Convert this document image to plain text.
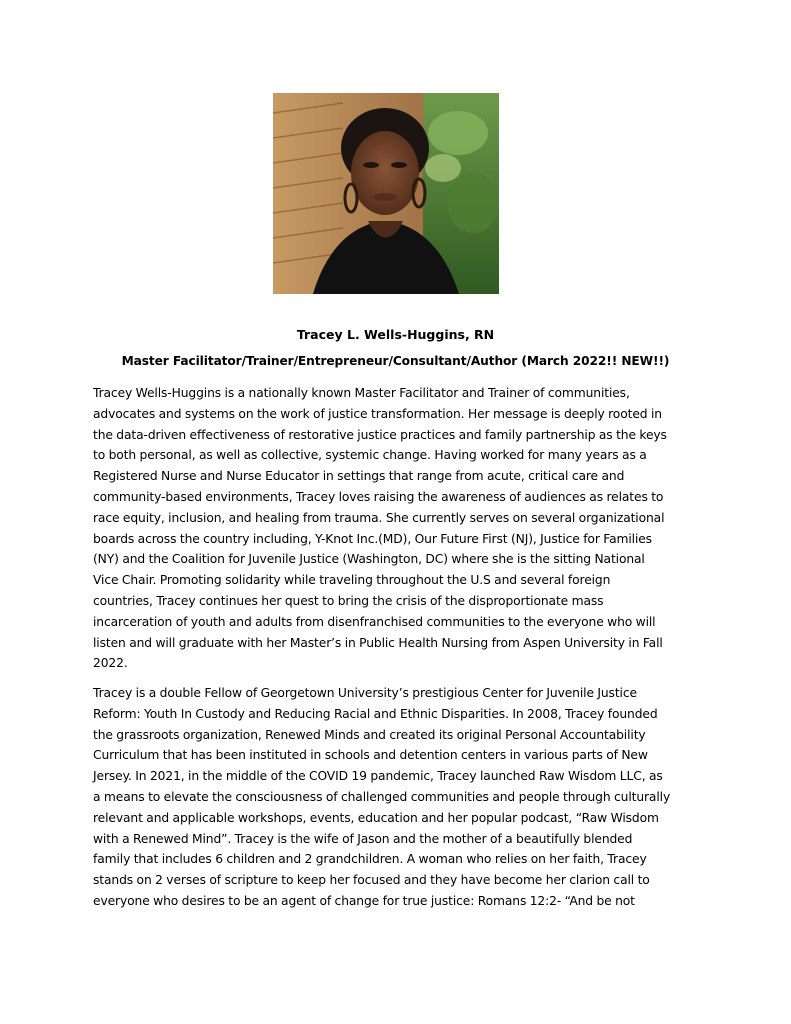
Tracey L. Wells-Huggins, RN
Master Facilitator/Trainer/Entrepreneur/Consultant/Author (March 2022!! NEW!!)
Tracey Wells-Huggins is a nationally known Master Facilitator and Trainer of communities,
advocates and systems on the work of justice transformation. Her message is deeply rooted in
the data-driven effectiveness of restorative justice practices and family partnership as the keys
to both personal, as well as collective, systemic change. Having worked for many years as a
Registered Nurse and Nurse Educator in settings that range from acute, critical care and
community-based environments, Tracey loves raising the awareness of audiences as relates to
race equity, inclusion, and healing from trauma. She currently serves on several organizational
boards across the country including, Y-Knot Inc.(MD), Our Future First (NJ), Justice for Families
(NY) and the Coalition for Juvenile Justice (Washington, DC) where she is the sitting National
Vice Chair. Promoting solidarity while traveling throughout the U.S and several foreign
countries, Tracey continues her quest to bring the crisis of the disproportionate mass
incarceration of youth and adults from disenfranchised communities to the everyone who will
listen and will graduate with her Master’s in Public Health Nursing from Aspen University in Fall
2022.
Tracey is a double Fellow of Georgetown University’s prestigious Center for Juvenile Justice
Reform: Youth In Custody and Reducing Racial and Ethnic Disparities. In 2008, Tracey founded
the grassroots organization, Renewed Minds and created its original Personal Accountability
Curriculum that has been instituted in schools and detention centers in various parts of New
Jersey. In 2021, in the middle of the COVID 19 pandemic, Tracey launched Raw Wisdom LLC, as
a means to elevate the consciousness of challenged communities and people through culturally
relevant and applicable workshops, events, education and her popular podcast, “Raw Wisdom
with a Renewed Mind”. Tracey is the wife of Jason and the mother of a beautifully blended
family that includes 6 children and 2 grandchildren. A woman who relies on her faith, Tracey
stands on 2 verses of scripture to keep her focused and they have become her clarion call to
everyone who desires to be an agent of change for true justice: Romans 12:2- “And be not
